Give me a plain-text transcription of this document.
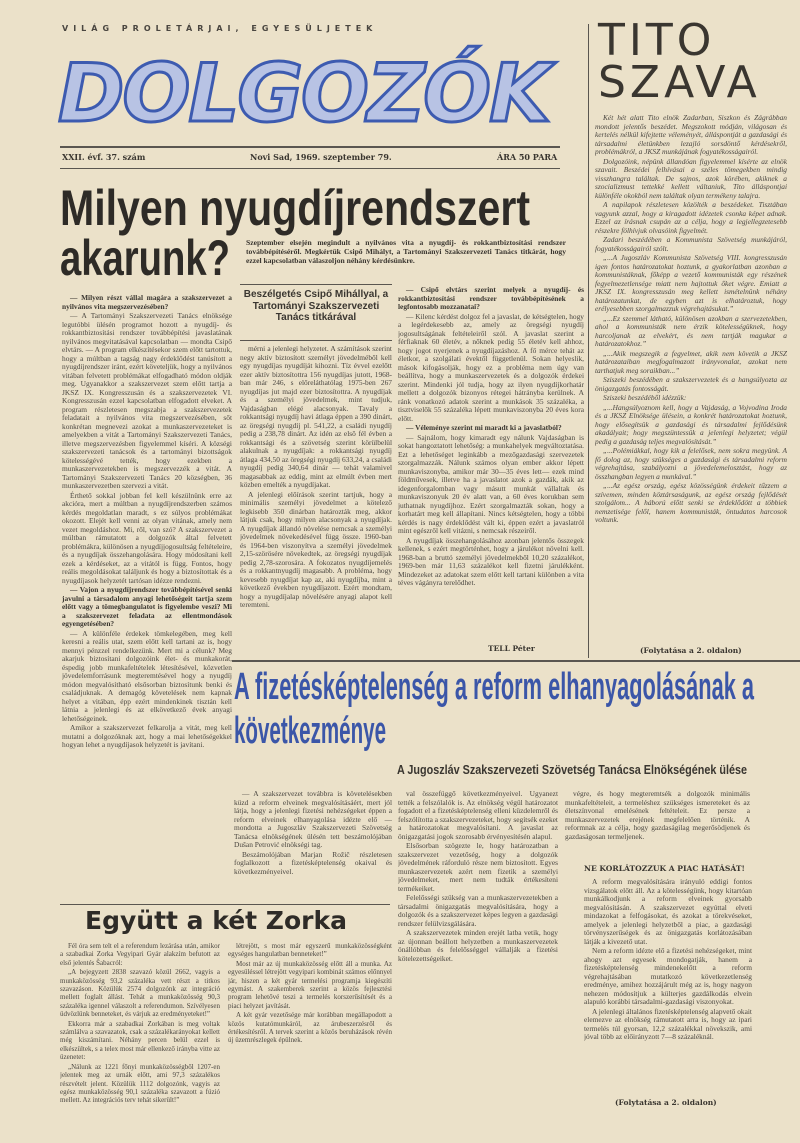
VILÁG PROLETÁRJAI, EGYESÜLJETEK
DOLGOZÓK
XXII. évf. 37. szám	Novi Sad, 1969. szeptember 79.	ÁRA 50 PARA
TITO
SZAVA

Két hét alatt Tito elnök Zadarban, Siszkon és Zágrábban mondott jelentős beszédet. Megszokott módján, világosan és kertelés nélkül kifejtette véleményét, álláspontját a gazdasági és társadalmi életünkben lezajló sorsdöntő kérdésekről, problémákról, a JKSZ munkájának fogyatékosságairól.

Dolgozóink, népünk állandóan figyelemmel kísérte az elnök szavait. Beszédei felhívásai a széles tömegekben mindig visszhangra találtak. De sajnos, azok körében, akiknek a szocializmust tettekké kellett váltaniuk, Tito álláspontjai különféle okokból nem találtak olyan termékeny talajra.

A napilapok részletesen közölték a beszédeket. Tisztában vagyunk azzal, hogy a kiragadott idézetek csonka képet adnak. Ezzel az írásnak csupán az a célja, hogy a legjellegzetesebb részekre fölhívjuk olvasóink figyelmét.

Zadari beszédében a Kommunista Szövetség munkájáról, fogyatékosságairól szólt.

„...A Jugoszláv Kommunista Szövetség VIII. kongresszusán igen fontos határozatokat hoztunk, a gyakorlatban azonban a kommunistáknak, főképp a vezető kommunisták egy részének fegyelmezetlensége miatt nem hajtottuk őket végre. Emiatt a JKSZ IX. kongresszusán meg kellett ismételnünk néhány határozatunkat, de egyben azt is elhatároztuk, hogy erélyesebben szorgalmazzuk végrehajtásukat.”

„...Ez szemmel látható, különösen azokban a szervezetekben, ahol a kommunisták nem érzik kötelességüknek, hogy harcoljanak az elvekért, és nem tartják magukat a határozatokhoz.”

„...Akik megszegik a fegyelmet, akik nem követik a JKSZ határozataiban megfogalmazott irányvonalat, azokat nem tarthatjuk meg soraikban...”

Sziszeki beszédében a szakszervezetek és a hangsúlyozta az önigazgatás fontosságát.

Sziszeki beszédéből idézzük:

„...Hangsúlyoznom kell, hogy a Vajdaság, a Vojvodina Iroda és a JKSZ Elnöksége ülésein, a konkrét határozatokat hoztunk, hogy elősegítsük a gazdasági és társadalmi fejlődésünk akadályait; hogy megszüntessük a jelenlegi helyzetet; végül pedig a gazdaság teljes megvalósítását.”

„...Polémiákkal, hogy kik a felelősek, nem sokra megyünk. A fő dolog az, hogy szükséges a gazdasági és társadalmi reform végrehajtása, szabályozni a jövedelemelosztást, hogy az összhangban legyen a munkával.”

„...Az egész ország, egész közösségünk érdekeit tűzzem a szívemen, minden köztársaságunk, az egész ország fejlődését szolgálom... A háború előtt senki se érdeklődött a többiek nemzetisége felől, hanem kommunisták, öntudatos harcosok voltunk.

(Folytatása a 2. oldalon)
Milyen nyugdíjrendszert
akarunk? Szeptember elsején megindult a nyilvános vita a nyugdíj- és rokkantbiztosítási rendszer továbbépítéséről. Megkértük Csipő Mihályt, a Tartományi Szakszervezeti Tanács titkárát, hogy ezzel kapcsolatban válaszoljon néhány kérdésünkre.

— Milyen részt vállal magára a szakszervezet a nyilvános vita megszervezésében?

— A Tartományi Szakszervezeti Tanács elnöksége legutóbbi ülésén programot hozott a nyugdíj- és rokkantbiztosítási rendszer továbbépítési javaslatának nyilvános megvitatásával kapcsolatban — mondta Csipő elvtárs. — A program elkészítésekor szem előtt tartottuk, hogy a múltban a tagság nagy érdeklődést tanúsított a nyugdíjrendszer iránt, ezért követeljük, hogy a nyilvános vitában felvetett problémákat elfogadható módon oldják meg. Ugyanakkor a szakszervezet szem előtt tartja a JKSZ IX. Kongresszusán és a szakszervezetek VI. Kongresszusán ezzel kapcsolatban elfogadott elveket. A program részletesen megszabja a szakszervezetek feladatait a nyilvános vita megszervezésében, sőt konkrétan megnevezi azokat a munkaszervezeteket is amelyekben a vitát a Tartományi Szakszervezeti Tanács, illetve megszervezésben figyelemmel kíséri. A községi szakszervezeti tanácsok és a tartományi bizottságok kötelességévé tették, hogy ezekben a munkaszervezetekben is megszervezzék a vitát. A Tartományi Szakszervezeti Tanács 20 községben, 36 munkaszervezetben szervezi a vitát.

Érthető sokkal jobban fel kell készülnünk erre az akcióra, mert a múltban a nyugdíjrendszerben számos kérdés megoldatlan maradt, s ez súlyos problémákat okozott. Elejét kell venni az olyan vitának, amely nem vezet megoldáshoz. Mi, ről, van szó? A szakszervezet a múltban rámutatott a dolgozók által felvetett problémákra, különösen a nyugdíjjogosultság feltételeire, és a nyugdíjak összehangolására. Hogy módosítani kell ezek a kérdéseket, az a vitától is függ. Fontos, hogy reális megoldásokat találjunk és hogy a biztosítottak és a nyugdíjasok helyzetét tartósan idézze rendezni.

— Vajon a nyugdíjrendszer továbbépítésével senki javulni a társadalom anyagi lehetőségeit tartja szem előtt vagy a tömegbangulatot is figyelembe veszi? Mi a szakszervezet feladata az ellentmondások egyengetésében?

— A különféle érdekek tömkelegében, meg kell keresni a reális utat, szem előtt kell tartani az is, hogy mennyi pénzzel rendelkezünk. Mert mi a célunk? Meg akarjuk biztosítani dolgozóink élet- és munkakorát, éspedig jobb munkafeltételek létesítésével, közvetlen jövedelemforrásunk megteremtésével hogy a nyugdíj módon megvalósítható elsősorban biztosítunk benki és családjuknak. A demagóg követelések nem kapnak helyet a vitában, épp ezért mindenkinek tisztán kell látnia a jelenlegi és az elkövetkező évek anyagi lehetőségeinek.

Amikor a szakszervezet felkarolja a vitát, meg kell mutatni a dolgozóknak azt, hogy a mai lehetőségekkel hogyan lehet a nyugdíjasok helyzetét is javítani.

Beszélgetés Csipő Mihállyal, a Tartományi Szakszervezeti Tanács titkárával

mérni a jelenlegi helyzetet. A számítások szerint negy aktív biztosított személyt jövedelméből kell egy nyugdíjas nyugdíját kihozni. Tíz évvel ezelőtt ezer aktív biztosítottra 156 nyugdíjas jutott, 1968-ban már 246, s előreláthatólag 1975-ben 267 nyugdíjas jut majd ezer biztosítottra. A nyugdíjak és a személyi jövedelmek, mint tudjuk, Vajdaságban elégé alacsonyak. Tavaly a rokkantsági nyugdíj havi átlaga éppen a 390 dinárt, az öregségi nyugdíj pl. 541,22, a családi nyugdíj pedig a 238,78 dinárt. Az idén az elsõ fél évben a rokkantsági és a szövetség szerint körülbelül alakulnak a nyugdíjak: a rokkantsági nyugdíj átlaga 434,50 az öregségi nyugdíj 633,24, a családi nyugdíj pedig 340,64 dinár — tehát valamivel magasabbak az eddig, mint az elmúlt évben mert közben emelték a nyugdíjakat.

A jelenlegi előírások szerint tartjuk, hogy a minimális személyi jövedelmet a kötelező legkisebb 350 dinárban határozták meg, akkor látjuk csak, hogy milyen alacsonyak a nyugdíjak. A nyugdíjak állandó növelése nemcsak a személyi jövedelmek növekedésével függ össze. 1960-ban és 1964-ben viszonyítva a személyi jövedelmek 2,15-szörösére növekedtek, az öregségi nyugdíjak pedig 2,78-szorosára. A fokozatos nyugdíjemelés és a rokkantnyugdíj magasabb. A probléma, hogy kevesebb nyugdíjat kap az, aki nyugdíjba, mint a következő években nyugdíjazott. Ezért mondtam, hogy a nyugdíjalap növelésére anyagi alapot kell teremteni.

— Csipő elvtárs szerint melyek a nyugdíj- és rokkantbiztosítási rendszer továbbépítésének a legfontosabb mozzanatai?

— Kilenc kérdést dolgoz fel a javaslat, de kétségtelen, hogy a legérdekesebb az, amely az öregségi nyugdíj jogosultságának feltételeiről szól. A javaslat szerint a férfiaknak 60 életév, a nőknek pedig 55 életév kell ahhoz, hogy jogot nyerjenek a nyugdíjazáshoz. A fő mérce tehát az életkor, a szolgálati évektől függetlenül. Sokan helyeslik, mások kifogásolják, hogy ez a probléma nem úgy van beállítva, hogy a munkaszervezetek és a dolgozók érdekei szerint. Mindenki jól tudja, hogy az ilyen nyugdíjkorhatár mellett a dolgozók bizonyos rétegei hátrányba kerülnek. A ránk vonatkozó adatok szerint a munkások 35 százaléka, a tisztviselők 55 százaléka lépett munkaviszonyba 20 éves kora előtt.

— Véleménye szerint mi maradt ki a javaslatból?

— Sajnálom, hogy kimaradt egy nálunk Vajdaságban is sokat hangoztatott lehetőség: a munkahelyek megváltoztatása. Ezt a lehetőséget leginkább a mezőgazdasági szervezetek szorgalmazzák. Nálunk számos olyan ember akkor lépett munkaviszonyba, amikor már 30—35 éves lett— ezek mind földművesek, illetve ha a javaslatot azok a gazdák, akik az idegenforgalomban vagy másutt munkát vállaltak és munkaviszonyuk 20 év alatt van, a 60 éves korukban sem juthatnak nyugdíjhoz. Ezért szorgalmazták sokan, hogy a korhatárt meg kell állapítani. Nincs kétségtelen, hogy a többi kérdés is nagy érdeklődést vált ki, éppen ezért a javaslatról mint egészről kell vitázni, s nemcsak részeiről.

A nyugdíjak összehangolásához azonban jelentős összegek kellenek, s ezért megtörténhet, hogy a járulékot növelni kell. 1968-ban a bruttó személyi jövedelmekből 10,20 százalékot, 1969-ben már 11,63 százalékot kell fizetni járulékként. Mindezeket az adatokat szem előtt kell tartani különben a vita téves vágányra terelődhet.

TELL Péter
A fizetésképtelenség a reform elhanyagolásának a
következménye
A Jugoszláv Szakszervezeti Szövetség Tanácsa Elnökségének ülése

— A szakszervezet továbbra is követelésekben küzd a reform elveinek megvalósításáért, mert jól látja, hogy a jelenlegi fizetési nehézségeket éppen a reform elveinek elhanyagolása idézte elő — mondotta a Jugoszláv Szakszervezeti Szövetség Tanácsa elnökségének ülésén tett beszámolójában Dušan Petrović elnökségi tag.

Beszámolójában Marjan Rožič részletesen foglalkozott a fizetésképtelenség okaival és következményeivel.

val összefüggő következményeivel. Ugyanezt tették a felszólalók is. Az elnökség végül határozatot fogadott el a fizetésképtelenség elleni küzdelemről és felszólította a szakszervezeteket, hogy segítsék ezeket a határozatokat megvalósítani. A javaslat az önigazgatási jogok szorosabb érvényesítésén alapul.

Elsősorban szögezte le, hogy határozatban a szakszervezet vezetőség, hogy a dolgozók jövedelmének ráforduló része nem biztosított. Egyes munkaszervezetek azért nem fizetik a személyi jövedelmeket, mert nem tudták értékesíteni termékeiket.

Felelősségi szükség van a munkaszervezetekben a társadalmi önigazgatás megvalósítására, hogy a dolgozók és a szakszervezet képes legyen a gazdasági rendszer felülvizsgálására.

A szakszervezetek minden erejét latba vetik, hogy az újonnan beállott helyzetben a munkaszervezetek önállóbban és felelősséggel vállalják a fizetési kötelezettségeiket.

végre, és hogy megteremtsék a dolgozók minimális munkafeltételeit, a termeléshez szükséges ismereteket és az életszínvonal emelésének feltételeit. Ez persze a munkaszervezetek erejének megfelelően történik. A reformnak az a célja, hogy gazdaságilag megerősödjenek és gazdaságosan termeljenek.

NE KORLÁTOZZUK A PIAC HATÁSÁT!

A reform megvalósítására irányuló eddigi fontos vizsgálatok előtt áll. Az a kötelességünk, hogy kitartóan munkálkodjunk a reform elveinek gyorsabb megvalósításán. A szakszervezet egyúttal elveti mindazokat a felfogásokat, és azokat a törekvéseket, amelyek a jelenlegi helyzetből a piac, a gazdasági törvényszerűségek és az önigazgatás korlátozásában látják a kivezető utat.

Nem a reform idézte elő a fizetési nehézségeket, mint ahogy azt egyesek mondogatják, hanem a fizetésképtelenség mindenekelőtt a reform végrehajtásában mutatkozó következetlenség eredménye, amihez hozzájárult még az is, hogy nagyon nehezen módosítjuk a külterjes gazdálkodás elvein alapuló korábbi társadalmi-gazdasági viszonyokat.

A jelenlegi általános fizetésképtelenség alapvető okait elemezve az elnökség rámutatott arra is, hogy az ipari termelés túl gyorsan, 12,2 százalékkal növekszik, ami jóval több az előirányzott 7—8 százaléknál.

(Folytatása a 2. oldalon)
Együtt a két Zorka

Fél óra sem telt el a referendum lezárása után, amikor a szabadkai Zorka Vegyipari Gyár alakzím befutott az első jelentés Šabacról:

„A bejegyzett 2838 szavazó közül 2662, vagyis a munkaközösség 93,2 százaléka vett részt a titkos szavazáson. Közülük 2574 dolgozónk az integráció mellett foglalt állást. Tehát a munkaközösség 90,3 százaléka igennel válaszolt a referendumon. Szívélyesen üdvözlünk benneteket, és várjuk az eredményeteket!”

Ekkorra már a szabadkai Zorkában is meg voltak számlálva a szavazatok, csak a százalékarányokat kellett még kiszámítani. Néhány percen belül ezzel is elkészültek, s a telex most már ellenkező irányba vitte az üzenetet:

„Nálunk az 1221 főnyi munkaközösségből 1207-en jelentek meg az urnák előtt, ami 97,3 százalékos részvételt jelent. Közülük 1112 dolgozónk, vagyis az egész munkaközösség 90,1 százaléka szavazott a fúzió mellett. Az integrációs terv tehát sikerült!”

létrejött, s most már egyszerű munkaközösségként egységes hangulatban benneteket!”

Most már az új munkaközösség előtt áll a munka. Az egyesüléssel létrejött vegyipari kombinát számos előnnyel jár, hiszen a két gyár termelési programja kiegészíti egymást. A szakemberek szerint a közös fejlesztési program lehetővé teszi a termelés korszerűsítését és a piaci helyzet javítását.

A két gyár vezetősége már korábban megállapodott a közös kutatómunkáról, az árubeszerzésről és értékesítésről. A tervek szerint a közös beruházások révén új üzemrészlegek épülnek.
